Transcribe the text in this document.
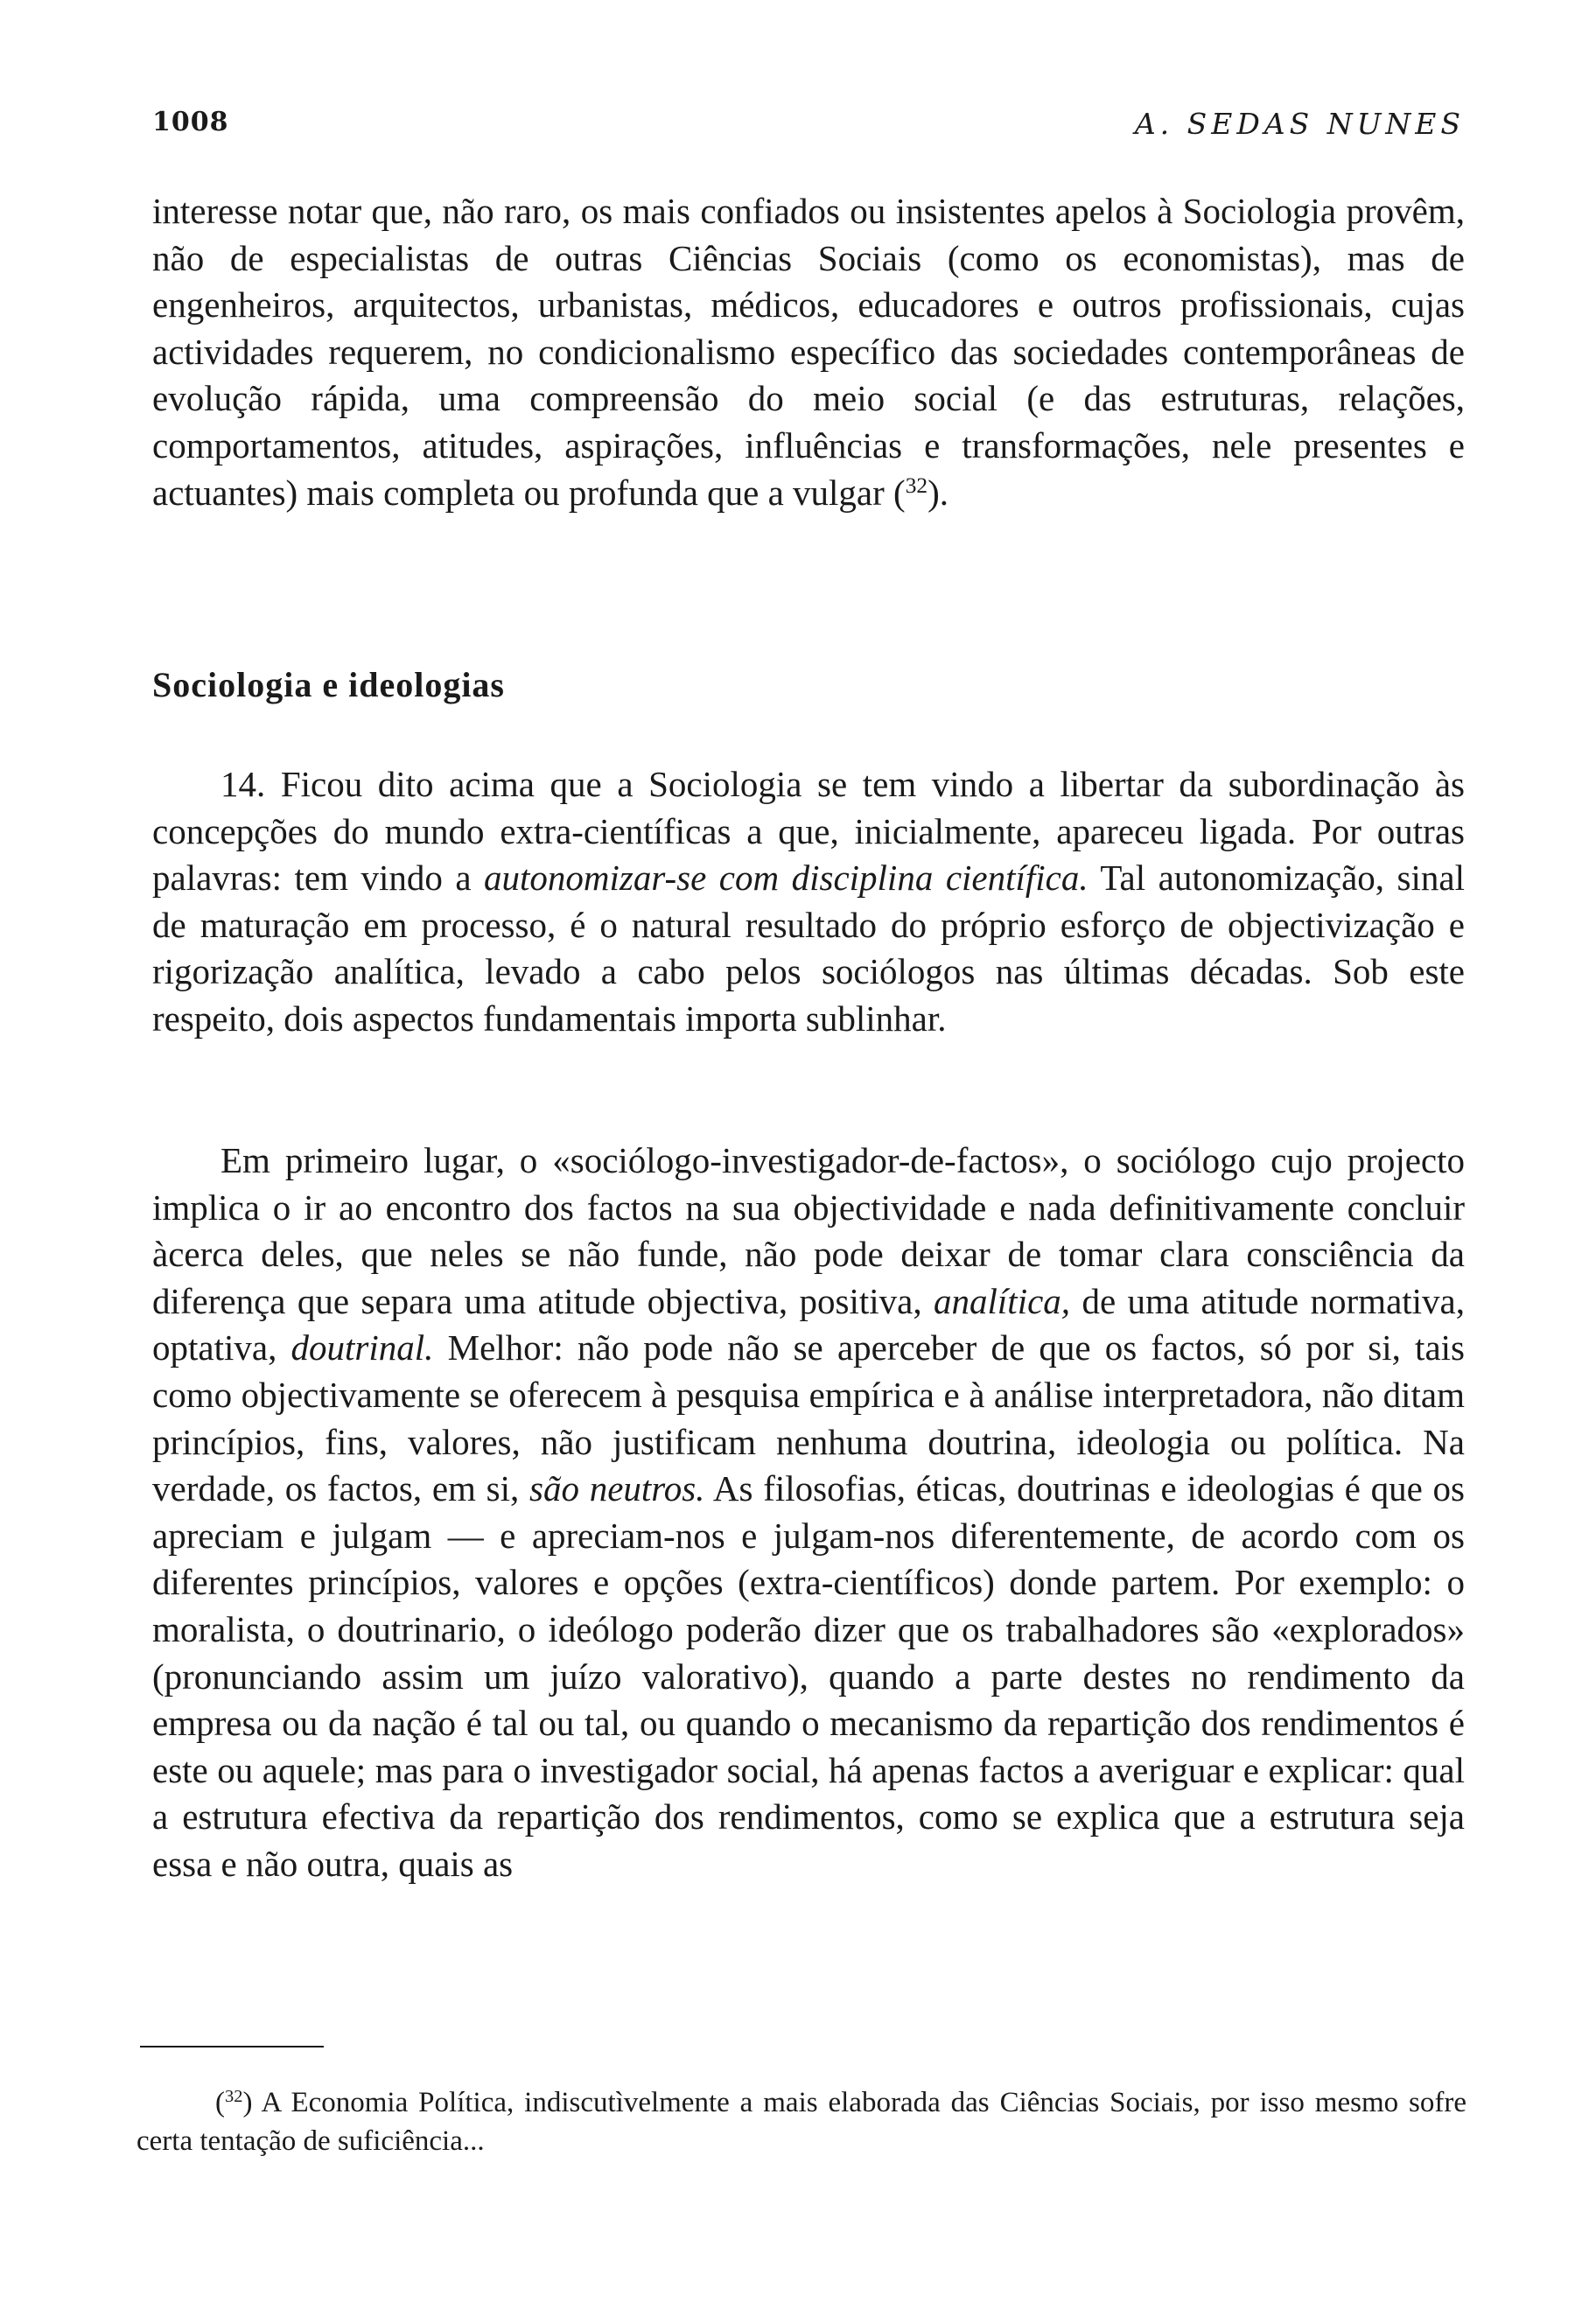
1008	A. SEDAS NUNES

interesse notar que, não raro, os mais confiados ou insistentes apelos à Sociologia provêm, não de especialistas de outras Ciências Sociais (como os economistas), mas de engenheiros, arquitectos, urbanistas, médicos, educadores e outros profissionais, cujas actividades requerem, no condicionalismo específico das sociedades contemporâneas de evolução rápida, uma compreensão do meio social (e das estruturas, relações, comportamentos, atitudes, aspirações, influências e transformações, nele presentes e actuantes) mais completa ou profunda que a vulgar ($^{32}$).

Sociologia e ideologias

14. Ficou dito acima que a Sociologia se tem vindo a libertar da subordinação às concepções do mundo extra-científicas a que, inicialmente, apareceu ligada. Por outras palavras: tem vindo a autonomizar-se com disciplina científica. Tal autonomização, sinal de maturação em processo, é o natural resultado do próprio esforço de objectivização e rigorização analítica, levado a cabo pelos sociólogos nas últimas décadas. Sob este respeito, dois aspectos fundamentais importa sublinhar.

Em primeiro lugar, o «sociólogo-investigador-de-factos», o sociólogo cujo projecto implica o ir ao encontro dos factos na sua objectividade e nada definitivamente concluir àcerca deles, que neles se não funde, não pode deixar de tomar clara consciência da diferença que separa uma atitude objectiva, positiva, analítica, de uma atitude normativa, optativa, doutrinal. Melhor: não pode não se aperceber de que os factos, só por si, tais como objectivamente se oferecem à pesquisa empírica e à análise interpretadora, não ditam princípios, fins, valores, não justificam nenhuma doutrina, ideologia ou política. Na verdade, os factos, em si, são neutros. As filosofias, éticas, doutrinas e ideologias é que os apreciam e julgam — e apreciam-nos e julgam-nos diferentemente, de acordo com os diferentes princípios, valores e opções (extra-científicos) donde partem. Por exemplo: o moralista, o doutrinario, o ideólogo poderão dizer que os trabalhadores são «explorados» (pronunciando assim um juízo valorativo), quando a parte destes no rendimento da empresa ou da nação é tal ou tal, ou quando o mecanismo da repartição dos rendimentos é este ou aquele; mas para o investigador social, há apenas factos a averiguar e explicar: qual a estrutura efectiva da repartição dos rendimentos, como se explica que a estrutura seja essa e não outra, quais as

($^{32}$) A Economia Política, indiscutìvelmente a mais elaborada das Ciências Sociais, por isso mesmo sofre certa tentação de suficiência...
